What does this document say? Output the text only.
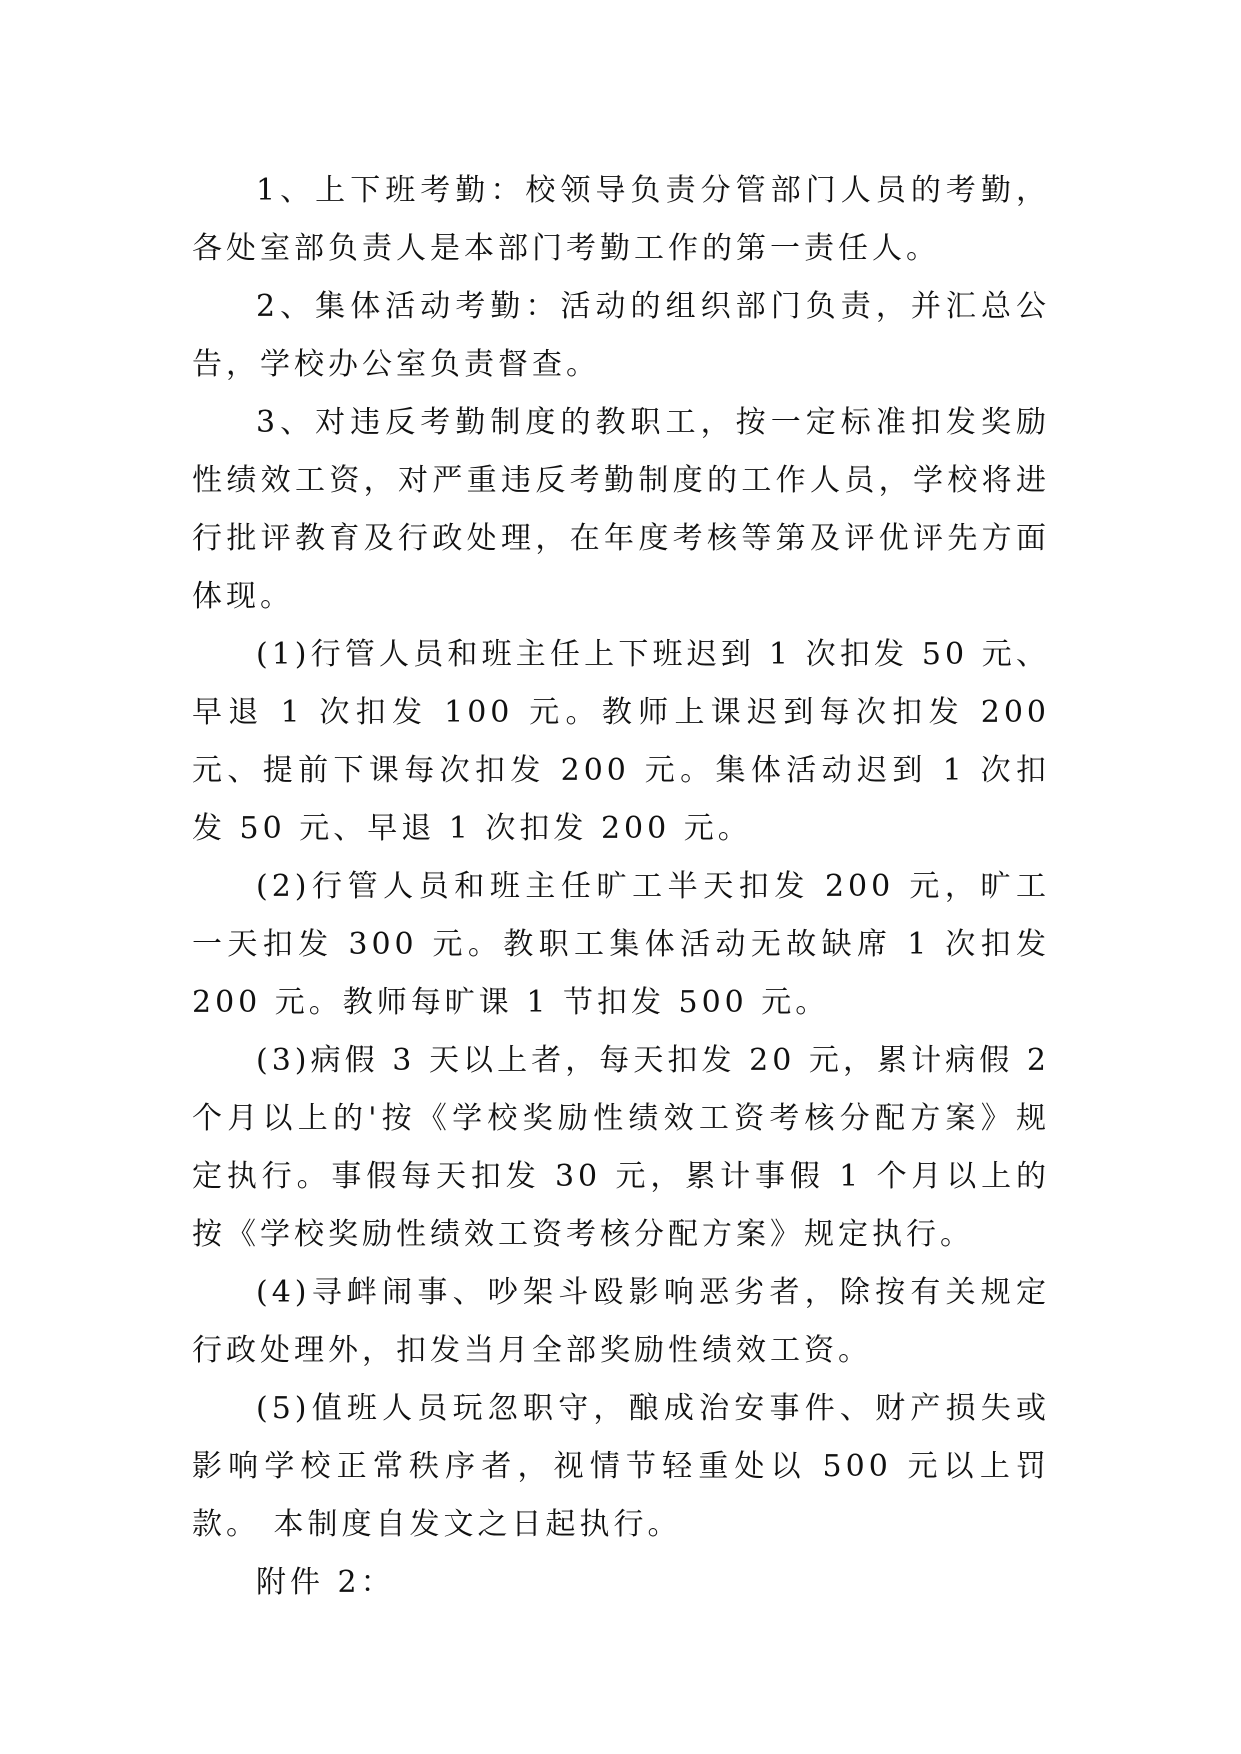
1、上下班考勤：校领导负责分管部门人员的考勤，各处室部负责人是本部门考勤工作的第一责任人。

2、集体活动考勤：活动的组织部门负责，并汇总公告，学校办公室负责督查。

3、对违反考勤制度的教职工，按一定标准扣发奖励性绩效工资，对严重违反考勤制度的工作人员，学校将进行批评教育及行政处理，在年度考核等第及评优评先方面体现。

(1)行管人员和班主任上下班迟到 1 次扣发 50 元、早退 1 次扣发 100 元。教师上课迟到每次扣发 200 元、提前下课每次扣发 200 元。集体活动迟到 1 次扣发 50 元、早退 1 次扣发 200 元。

(2)行管人员和班主任旷工半天扣发 200 元，旷工一天扣发 300 元。教职工集体活动无故缺席 1 次扣发 200 元。教师每旷课 1 节扣发 500 元。

(3)病假 3 天以上者，每天扣发 20 元，累计病假 2 个月以上的'按《学校奖励性绩效工资考核分配方案》规定执行。事假每天扣发 30 元，累计事假 1 个月以上的按《学校奖励性绩效工资考核分配方案》规定执行。

(4)寻衅闹事、吵架斗殴影响恶劣者，除按有关规定行政处理外，扣发当月全部奖励性绩效工资。

(5)值班人员玩忽职守，酿成治安事件、财产损失或影响学校正常秩序者，视情节轻重处以 500 元以上罚款。 本制度自发文之日起执行。

附件 2：
